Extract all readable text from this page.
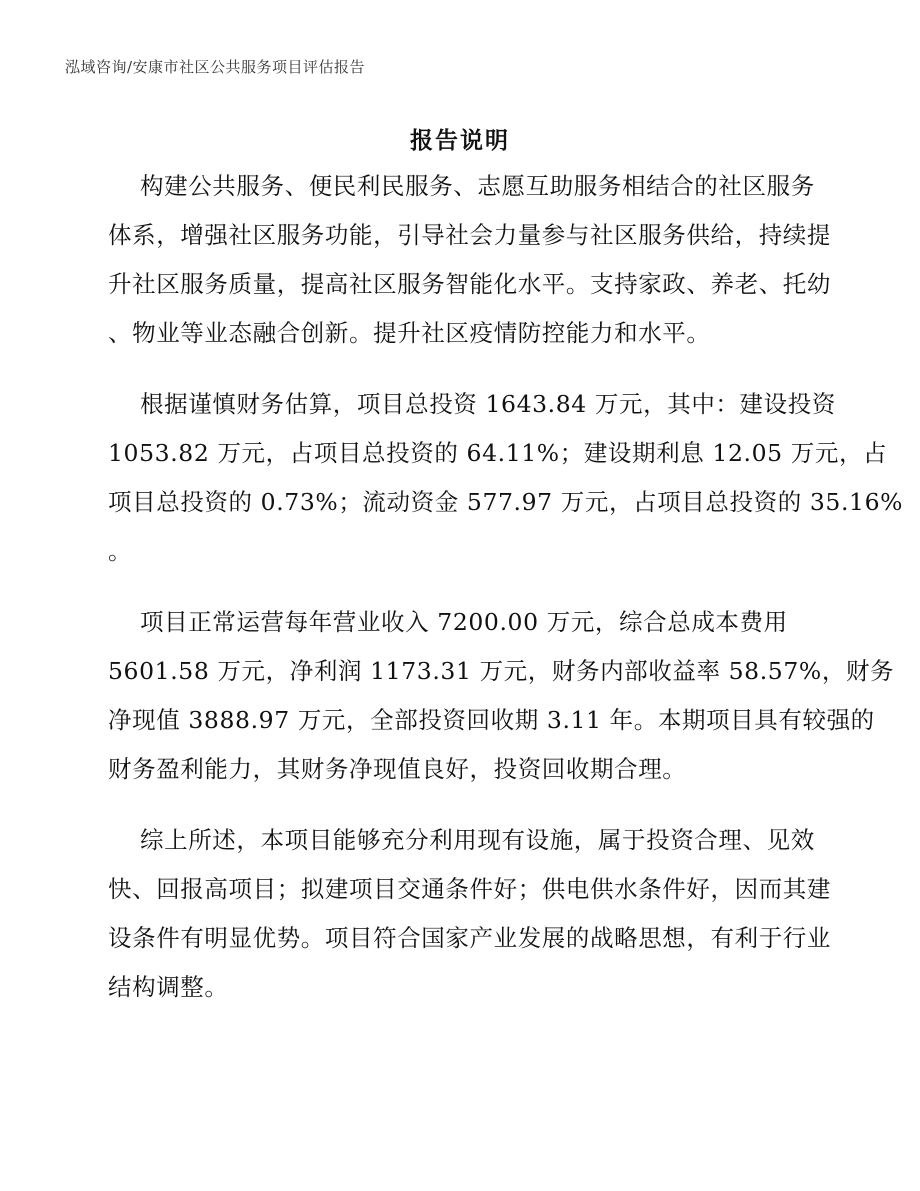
泓域咨询/安康市社区公共服务项目评估报告
报告说明
构建公共服务、便民利民服务、志愿互助服务相结合的社区服务
体系，增强社区服务功能，引导社会力量参与社区服务供给，持续提
升社区服务质量，提高社区服务智能化水平。支持家政、养老、托幼
、物业等业态融合创新。提升社区疫情防控能力和水平。
根据谨慎财务估算，项目总投资 1643.84 万元，其中：建设投资
1053.82 万元，占项目总投资的 64.11%；建设期利息 12.05 万元，占
项目总投资的 0.73%；流动资金 577.97 万元，占项目总投资的 35.16%
。
项目正常运营每年营业收入 7200.00 万元，综合总成本费用
5601.58 万元，净利润 1173.31 万元，财务内部收益率 58.57%，财务
净现值 3888.97 万元，全部投资回收期 3.11 年。本期项目具有较强的
财务盈利能力，其财务净现值良好，投资回收期合理。
综上所述，本项目能够充分利用现有设施，属于投资合理、见效
快、回报高项目；拟建项目交通条件好；供电供水条件好，因而其建
设条件有明显优势。项目符合国家产业发展的战略思想，有利于行业
结构调整。
